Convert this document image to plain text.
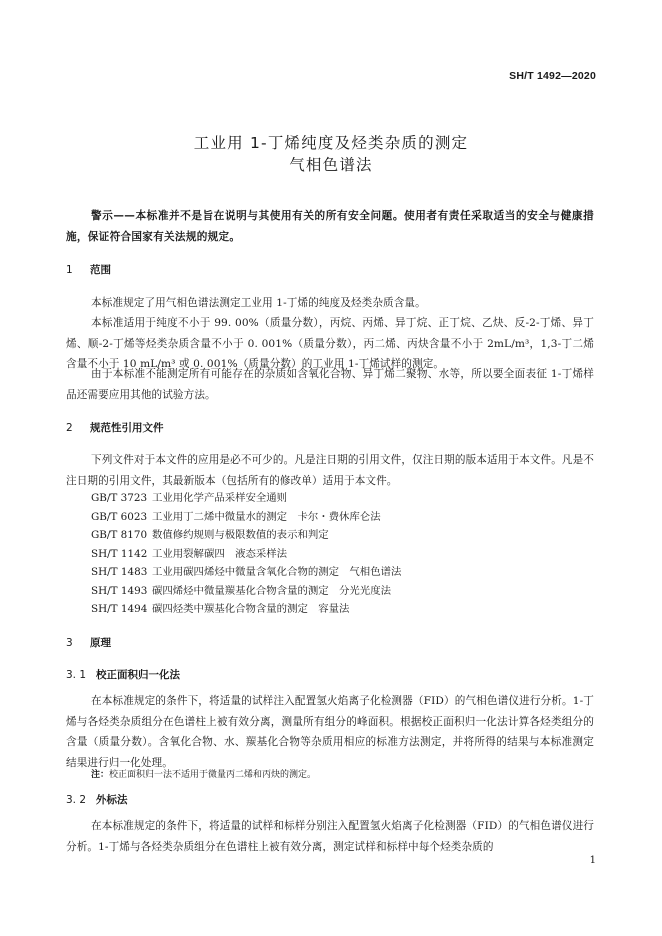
SH/T 1492—2020
工业用 1-丁烯纯度及烃类杂质的测定
气相色谱法
警示——本标准并不是旨在说明与其使用有关的所有安全问题。使用者有责任采取适当的安全与健康措施，保证符合国家有关法规的规定。
1 范围
本标准规定了用气相色谱法测定工业用 1-丁烯的纯度及烃类杂质含量。
本标准适用于纯度不小于 99. 00%（质量分数），丙烷、丙烯、异丁烷、正丁烷、乙炔、反-2-丁烯、异丁烯、顺-2-丁烯等烃类杂质含量不小于 0. 001%（质量分数），丙二烯、丙炔含量不小于 2mL/m³，1,3-丁二烯含量不小于 10 mL/m³ 或 0. 001%（质量分数）的工业用 1-丁烯试样的测定。
由于本标准不能测定所有可能存在的杂质如含氧化合物、异丁烯二聚物、水等，所以要全面表征 1-丁烯样品还需要应用其他的试验方法。
2 规范性引用文件
下列文件对于本文件的应用是必不可少的。凡是注日期的引用文件，仅注日期的版本适用于本文件。凡是不注日期的引用文件，其最新版本（包括所有的修改单）适用于本文件。
GB/T 3723 工业用化学产品采样安全通则
GB/T 6023 工业用丁二烯中微量水的测定　卡尔・费休库仑法
GB/T 8170 数值修约规则与极限数值的表示和判定
SH/T 1142 工业用裂解碳四　液态采样法
SH/T 1483 工业用碳四烯烃中微量含氧化合物的测定　气相色谱法
SH/T 1493 碳四烯烃中微量羰基化合物含量的测定　分光光度法
SH/T 1494 碳四烃类中羰基化合物含量的测定　容量法
3 原理
3. 1 校正面积归一化法
在本标准规定的条件下，将适量的试样注入配置氢火焰离子化检测器（FID）的气相色谱仪进行分析。1-丁烯与各烃类杂质组分在色谱柱上被有效分离，测量所有组分的峰面积。根据校正面积归一化法计算各烃类组分的含量（质量分数）。含氧化合物、水、羰基化合物等杂质用相应的标准方法测定，并将所得的结果与本标准测定结果进行归一化处理。
注：校正面积归一法不适用于微量丙二烯和丙炔的测定。
3. 2 外标法
在本标准规定的条件下，将适量的试样和标样分别注入配置氢火焰离子化检测器（FID）的气相色谱仪进行分析。1-丁烯与各烃类杂质组分在色谱柱上被有效分离，测定试样和标样中每个烃类杂质的
1
